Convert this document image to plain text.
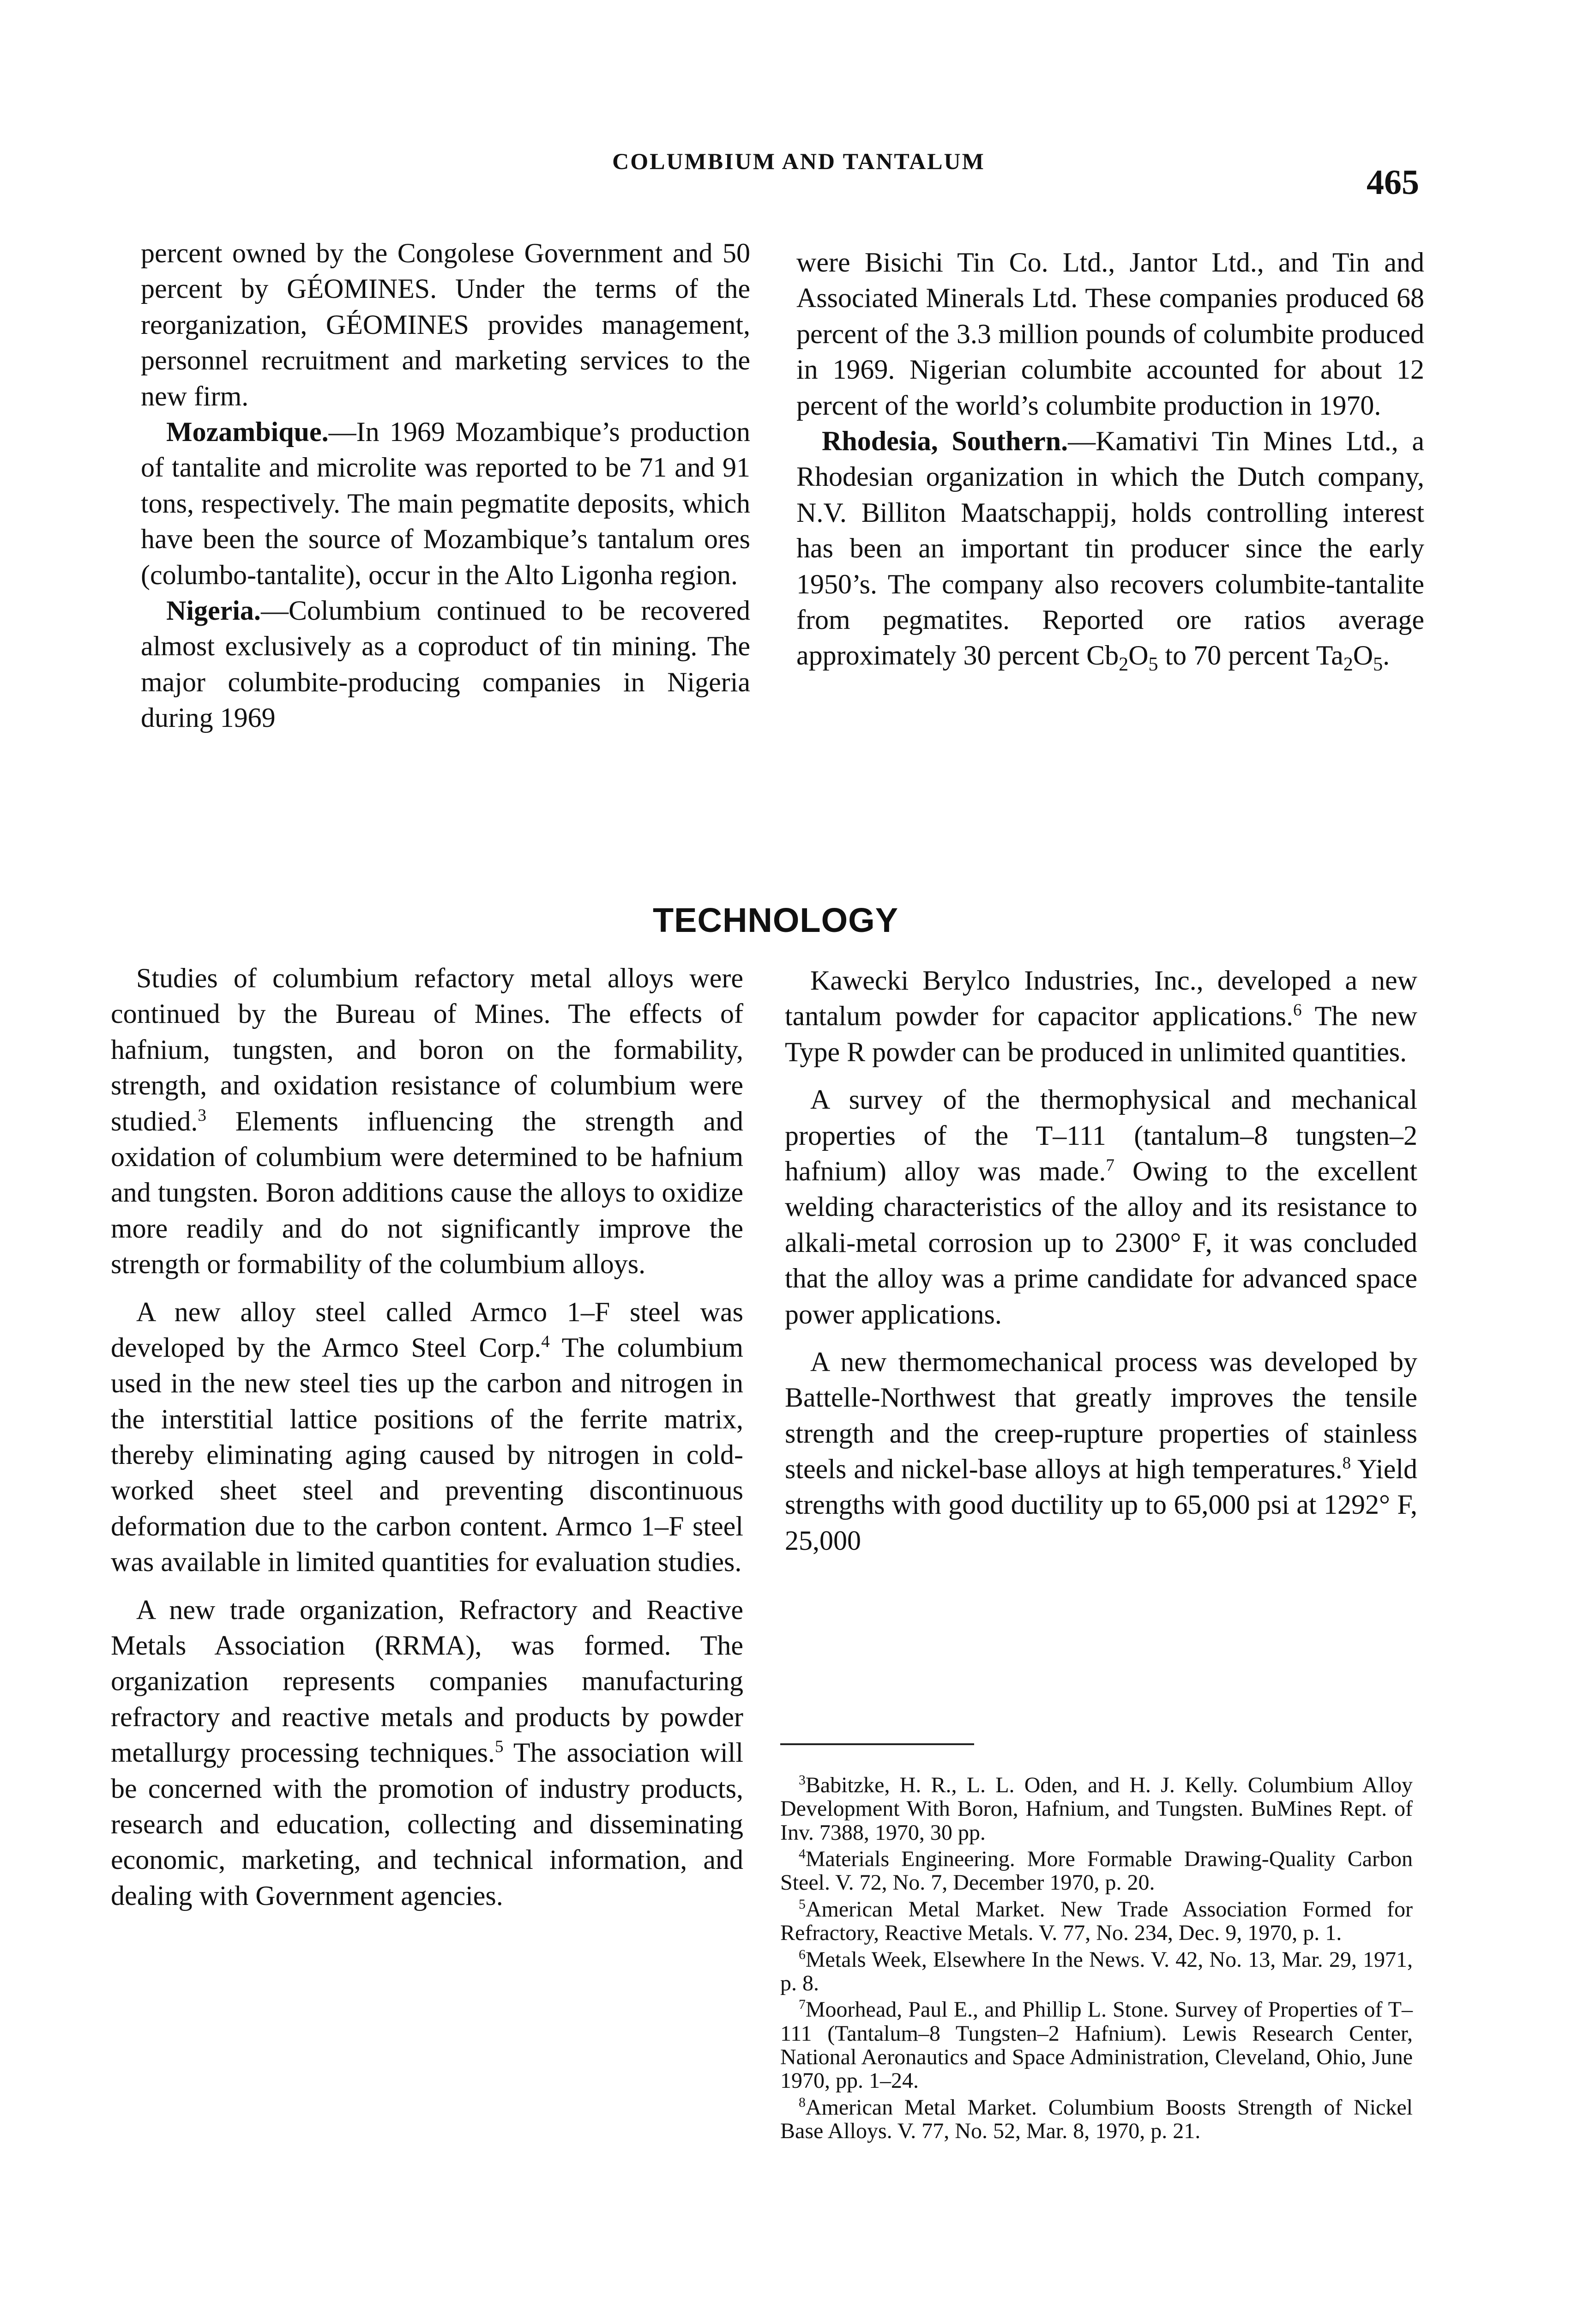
COLUMBIUM AND TANTALUM
465

percent owned by the Congolese Government and 50 percent by GÉOMINES. Under the terms of the reorganization, GÉOMINES provides management, personnel recruitment and marketing services to the new firm.

Mozambique.—In 1969 Mozambique’s production of tantalite and microlite was reported to be 71 and 91 tons, respectively. The main pegmatite deposits, which have been the source of Mozambique’s tantalum ores (columbo-tantalite), occur in the Alto Ligonha region.

Nigeria.—Columbium continued to be recovered almost exclusively as a coproduct of tin mining. The major columbite-producing companies in Nigeria during 1969

were Bisichi Tin Co. Ltd., Jantor Ltd., and Tin and Associated Minerals Ltd. These companies produced 68 percent of the 3.3 million pounds of columbite produced in 1969. Nigerian columbite accounted for about 12 percent of the world’s columbite production in 1970.

Rhodesia, Southern.—Kamativi Tin Mines Ltd., a Rhodesian organization in which the Dutch company, N.V. Billiton Maatschappij, holds controlling interest has been an important tin producer since the early 1950’s. The company also recovers columbite-tantalite from pegmatites. Reported ore ratios average approximately 30 percent $Cb_2O_5$ to 70 percent $Ta_2O_5$.

TECHNOLOGY

Studies of columbium refactory metal alloys were continued by the Bureau of Mines. The effects of hafnium, tungsten, and boron on the formability, strength, and oxidation resistance of columbium were studied.$^3$ Elements influencing the strength and oxidation of columbium were determined to be hafnium and tungsten. Boron additions cause the alloys to oxidize more readily and do not significantly improve the strength or formability of the columbium alloys.

A new alloy steel called Armco 1–F steel was developed by the Armco Steel Corp.$^4$ The columbium used in the new steel ties up the carbon and nitrogen in the interstitial lattice positions of the ferrite matrix, thereby eliminating aging caused by nitrogen in cold-worked sheet steel and preventing discontinuous deformation due to the carbon content. Armco 1–F steel was available in limited quantities for evaluation studies.

A new trade organization, Refractory and Reactive Metals Association (RRMA), was formed. The organization represents companies manufacturing refractory and reactive metals and products by powder metallurgy processing techniques.$^5$ The association will be concerned with the promotion of industry products, research and education, collecting and disseminating economic, marketing, and technical information, and dealing with Government agencies.

Kawecki Berylco Industries, Inc., developed a new tantalum powder for capacitor applications.$^6$ The new Type R powder can be produced in unlimited quantities.

A survey of the thermophysical and mechanical properties of the T–111 (tantalum–8 tungsten–2 hafnium) alloy was made.$^7$ Owing to the excellent welding characteristics of the alloy and its resistance to alkali-metal corrosion up to 2300° F, it was concluded that the alloy was a prime candidate for advanced space power applications.

A new thermomechanical process was developed by Battelle-Northwest that greatly improves the tensile strength and the creep-rupture properties of stainless steels and nickel-base alloys at high temperatures.$^8$ Yield strengths with good ductility up to 65,000 psi at 1292° F, 25,000

$^3$Babitzke, H. R., L. L. Oden, and H. J. Kelly. Columbium Alloy Development With Boron, Hafnium, and Tungsten. BuMines Rept. of Inv. 7388, 1970, 30 pp.

$^4$Materials Engineering. More Formable Drawing-Quality Carbon Steel. V. 72, No. 7, December 1970, p. 20.

$^5$American Metal Market. New Trade Association Formed for Refractory, Reactive Metals. V. 77, No. 234, Dec. 9, 1970, p. 1.

$^6$Metals Week, Elsewhere In the News. V. 42, No. 13, Mar. 29, 1971, p. 8.

$^7$Moorhead, Paul E., and Phillip L. Stone. Survey of Properties of T–111 (Tantalum–8 Tungsten–2 Hafnium). Lewis Research Center, National Aeronautics and Space Administration, Cleveland, Ohio, June 1970, pp. 1–24.

$^8$American Metal Market. Columbium Boosts Strength of Nickel Base Alloys. V. 77, No. 52, Mar. 8, 1970, p. 21.
